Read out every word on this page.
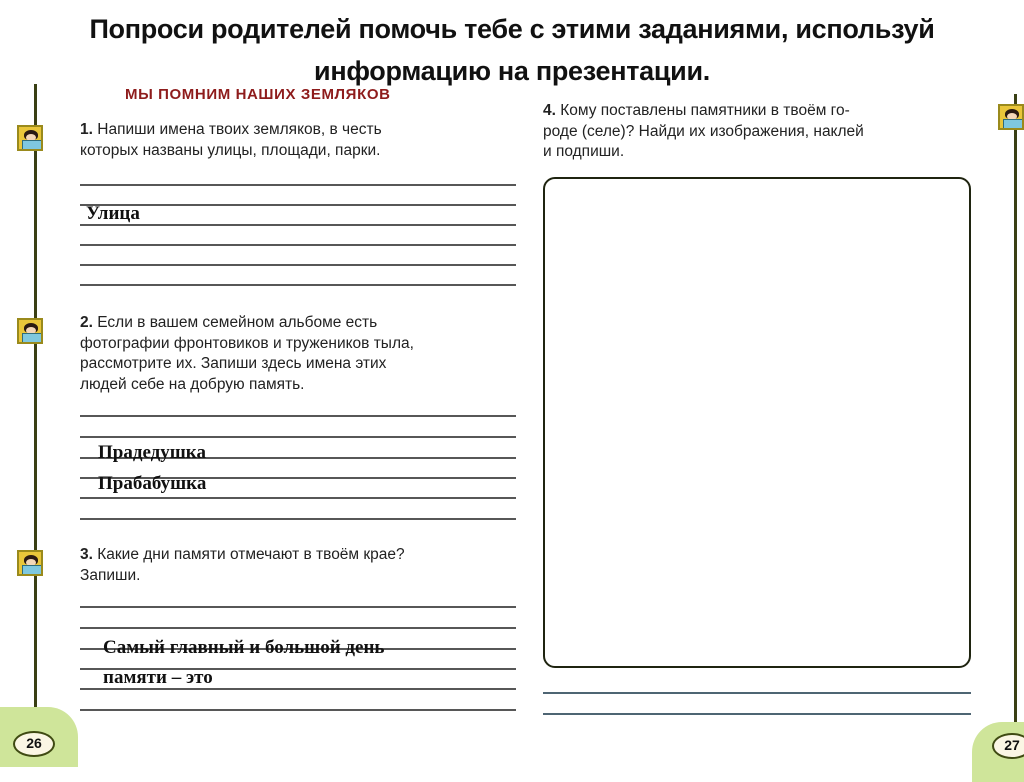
Попроси родителей помочь тебе с этими заданиями, используй
информацию на презентации.
МЫ ПОМНИМ НАШИХ ЗЕМЛЯКОВ
1. Напиши имена твоих земляков, в честь
которых названы улицы, площади, парки.
Улица
2. Если в вашем семейном альбоме есть
фотографии фронтовиков и тружеников тыла,
рассмотрите их. Запиши здесь имена этих
людей себе на добрую память.
Прадедушка
Прабабушка
3. Какие дни памяти отмечают в твоём крае?
Запиши.
Самый главный и большой день
памяти – это
26
4. Кому поставлены памятники в твоём го-
роде (селе)? Найди их изображения, наклей
и подпиши.
27
